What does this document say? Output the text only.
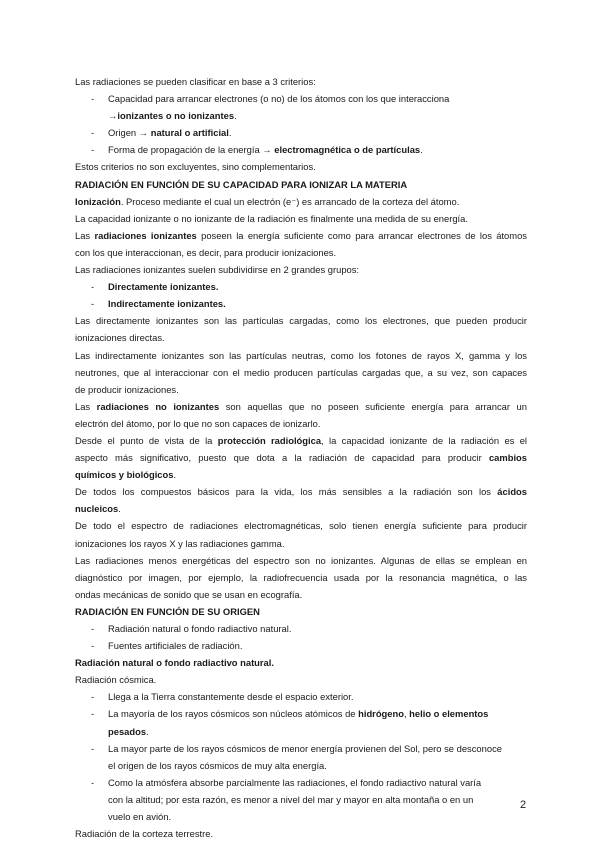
Las radiaciones se pueden clasificar en base a 3 criterios:
- Capacidad para arrancar electrones (o no) de los átomos con los que interacciona
→ionizantes o no ionizantes.
- Origen → natural o artificial.
- Forma de propagación de la energía → electromagnética o de partículas.
Estos criterios no son excluyentes, sino complementarios.
RADIACIÓN EN FUNCIÓN DE SU CAPACIDAD PARA IONIZAR LA MATERIA
Ionización. Proceso mediante el cual un electrón (e⁻) es arrancado de la corteza del átomo.
La capacidad ionizante o no ionizante de la radiación es finalmente una medida de su energía.
Las radiaciones ionizantes poseen la energía suficiente como para arrancar electrones de los átomos
con los que interaccionan, es decir, para producir ionizaciones.
Las radiaciones ionizantes suelen subdividirse en 2 grandes grupos:
- Directamente ionizantes.
- Indirectamente ionizantes.
Las directamente ionizantes son las partículas cargadas, como los electrones, que pueden producir
ionizaciones directas.
Las indirectamente ionizantes son las partículas neutras, como los fotones de rayos X, gamma y los
neutrones, que al interaccionar con el medio producen partículas cargadas que, a su vez, son capaces
de producir ionizaciones.
Las radiaciones no ionizantes son aquellas que no poseen suficiente energía para arrancar un
electrón del átomo, por lo que no son capaces de ionizarlo.
Desde el punto de vista de la protección radiológica, la capacidad ionizante de la radiación es el
aspecto más significativo, puesto que dota a la radiación de capacidad para producir cambios
químicos y biológicos.
De todos los compuestos básicos para la vida, los más sensibles a la radiación son los ácidos
nucleicos.
De todo el espectro de radiaciones electromagnéticas, solo tienen energía suficiente para producir
ionizaciones los rayos X y las radiaciones gamma.
Las radiaciones menos energéticas del espectro son no ionizantes. Algunas de ellas se emplean en
diagnóstico por imagen, por ejemplo, la radiofrecuencia usada por la resonancia magnética, o las
ondas mecánicas de sonido que se usan en ecografía.
RADIACIÓN EN FUNCIÓN DE SU ORIGEN
- Radiación natural o fondo radiactivo natural.
- Fuentes artificiales de radiación.
Radiación natural o fondo radiactivo natural.
Radiación cósmica.
- Llega a la Tierra constantemente desde el espacio exterior.
- La mayoría de los rayos cósmicos son núcleos atómicos de hidrógeno, helio o elementos
pesados.
- La mayor parte de los rayos cósmicos de menor energía provienen del Sol, pero se desconoce
el origen de los rayos cósmicos de muy alta energía.
- Como la atmósfera absorbe parcialmente las radiaciones, el fondo radiactivo natural varía
con la altitud; por esta razón, es menor a nivel del mar y mayor en alta montaña o en un
vuelo en avión.
Radiación de la corteza terrestre.
2
